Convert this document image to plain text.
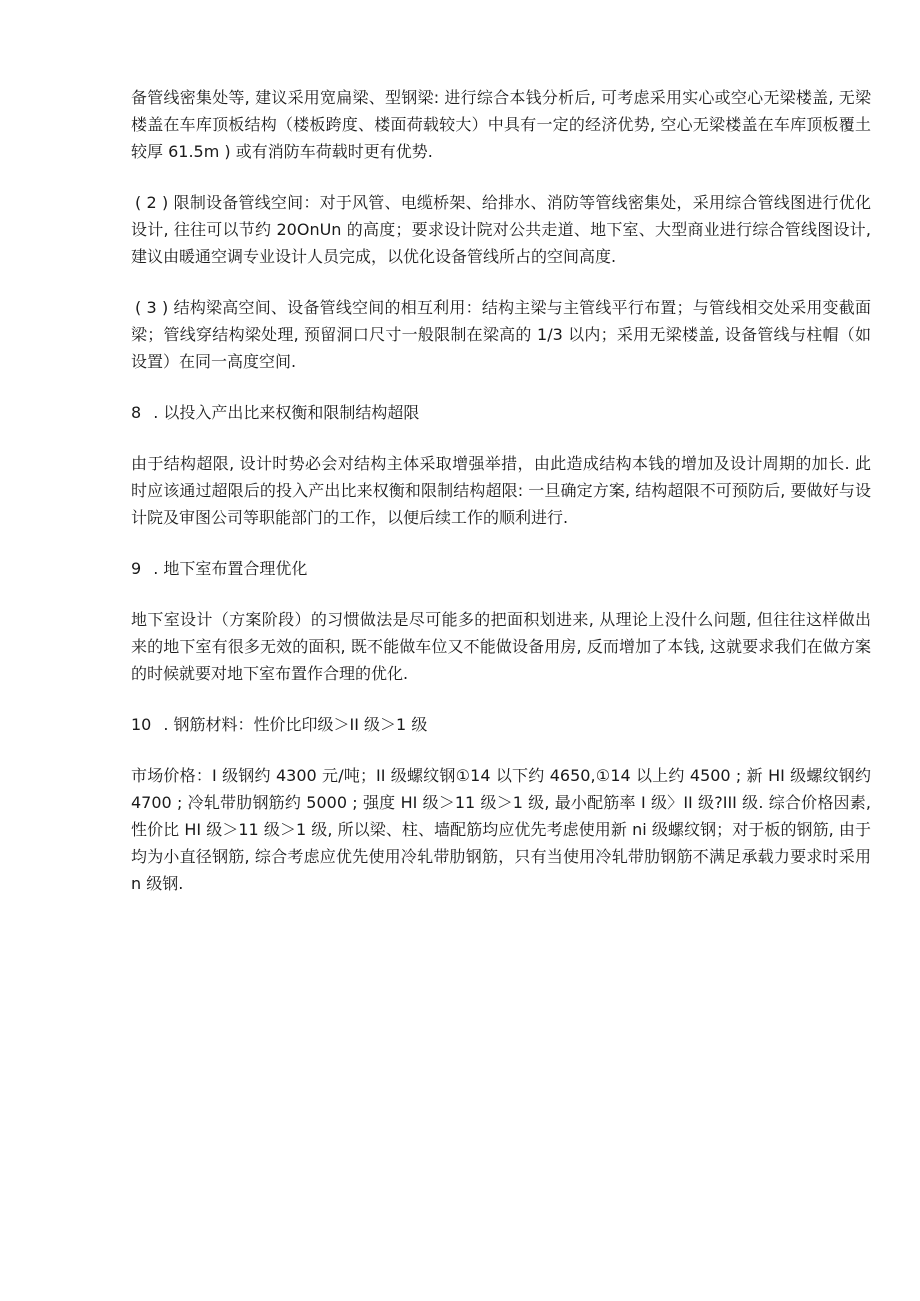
备管线密集处等, 建议采用宽扁梁、型钢梁: 进行综合本钱分析后, 可考虑采用实心或空心无梁楼盖, 无梁楼盖在车库顶板结构（楼板跨度、楼面荷载较大）中具有一定的经济优势, 空心无梁楼盖在车库顶板覆土较厚 61.5m ) 或有消防车荷载时更有优势.

( 2 ) 限制设备管线空间：对于风管、电缆桥架、给排水、消防等管线密集处，采用综合管线图进行优化设计, 往往可以节约 20OnUn 的高度；要求设计院对公共走道、地下室、大型商业进行综合管线图设计, 建议由暖通空调专业设计人员完成，以优化设备管线所占的空间高度.

( 3 ) 结构梁高空间、设备管线空间的相互利用：结构主梁与主管线平行布置；与管线相交处采用变截面梁；管线穿结构梁处理, 预留洞口尺寸一般限制在梁高的 1/3 以内；采用无梁楼盖, 设备管线与柱帽（如设置）在同一高度空间.

8 . 以投入产出比来权衡和限制结构超限

由于结构超限, 设计时势必会对结构主体采取增强举措，由此造成结构本钱的增加及设计周期的加长. 此时应该通过超限后的投入产出比来权衡和限制结构超限: 一旦确定方案, 结构超限不可预防后, 要做好与设计院及审图公司等职能部门的工作，以便后续工作的顺利进行.

9 . 地下室布置合理优化

地下室设计（方案阶段）的习惯做法是尽可能多的把面积划进来, 从理论上没什么问题, 但往往这样做出来的地下室有很多无效的面积, 既不能做车位又不能做设备用房, 反而增加了本钱, 这就要求我们在做方案的时候就要对地下室布置作合理的优化.

10 . 钢筋材料：性价比印级＞II 级＞1 级

市场价格：I 级钢约 4300 元/吨；II 级螺纹钢①14 以下约 4650,①14 以上约 4500 ; 新 HI 级螺纹钢约 4700 ; 冷轧带肋钢筋约 5000 ; 强度 HI 级＞11 级＞1 级, 最小配筋率 I 级〉II 级?III 级. 综合价格因素, 性价比 HI 级＞11 级＞1 级, 所以梁、柱、墙配筋均应优先考虑使用新 ni 级螺纹钢；对于板的钢筋, 由于均为小直径钢筋, 综合考虑应优先使用冷轧带肋钢筋，只有当使用冷轧带肋钢筋不满足承载力要求时采用 n 级钢.
